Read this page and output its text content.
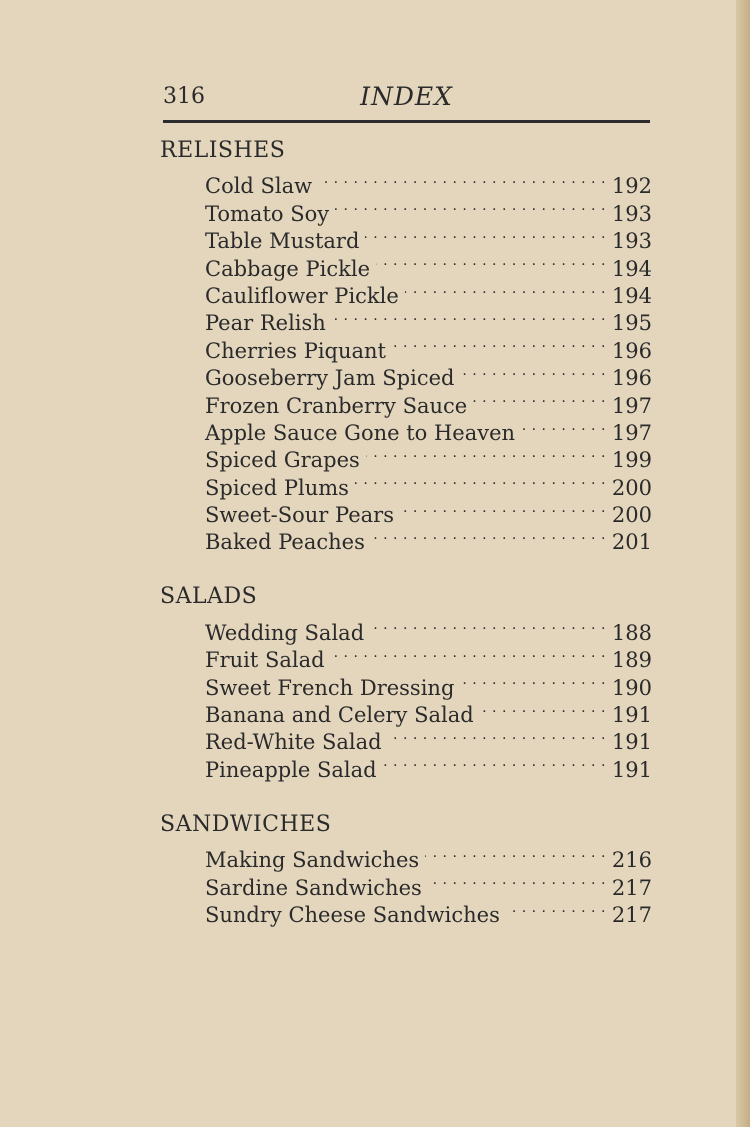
316	INDEX
RELISHES
Cold Slaw . . .	192
Tomato Soy . . .	193
Table Mustard . . .	193
Cabbage Pickle . . .	194
Cauliflower Pickle . . .	194
Pear Relish . . .	195
Cherries Piquant . . .	196
Gooseberry Jam Spiced . . .	196
Frozen Cranberry Sauce . . .	197
Apple Sauce Gone to Heaven . . .	197
Spiced Grapes . . .	199
Spiced Plums . . .	200
Sweet-Sour Pears . . .	200
Baked Peaches . . .	201
SALADS
Wedding Salad . . .	188
Fruit Salad . . .	189
Sweet French Dressing . . .	190
Banana and Celery Salad . . .	191
Red-White Salad . . .	191
Pineapple Salad . . .	191
SANDWICHES
Making Sandwiches . . .	216
Sardine Sandwiches . . .	217
Sundry Cheese Sandwiches . . .	217
